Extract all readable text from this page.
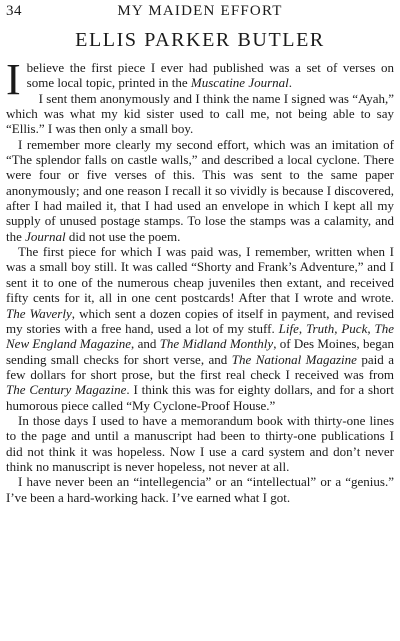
34	MY MAIDEN EFFORT
ELLIS PARKER BUTLER

Ibelieve the first piece I ever had published was a set of verses on some local topic, printed in the Muscatine Journal.

I sent them anonymously and I think the name I signed was “Ayah,” which was what my kid sister used to call me, not being able to say “Ellis.” I was then only a small boy.

I remember more clearly my second effort, which was an imitation of “The splendor falls on castle walls,” and described a local cyclone. There were four or five verses of this. This was sent to the same paper anonymously; and one reason I recall it so vividly is because I discovered, after I had mailed it, that I had used an envelope in which I kept all my supply of unused postage stamps. To lose the stamps was a calamity, and the Journal did not use the poem.

The first piece for which I was paid was, I remember, written when I was a small boy still. It was called “Shorty and Frank’s Adventure,” and I sent it to one of the numerous cheap juveniles then extant, and received fifty cents for it, all in one cent postcards! After that I wrote and wrote. The Waverly, which sent a dozen copies of itself in payment, and revised my stories with a free hand, used a lot of my stuff. Life, Truth, Puck, The New England Magazine, and The Midland Monthly, of Des Moines, began sending small checks for short verse, and The National Magazine paid a few dollars for short prose, but the first real check I received was from The Century Magazine. I think this was for eighty dollars, and for a short humorous piece called “My Cyclone-Proof House.”

In those days I used to have a memorandum book with thirty-one lines to the page and until a manuscript had been to thirty-one publications I did not think it was hopeless. Now I use a card system and don’t never think no manuscript is never hopeless, not never at all.

I have never been an “intellegencia” or an “intellectual” or a “genius.” I’ve been a hard-working hack. I’ve earned what I got.
